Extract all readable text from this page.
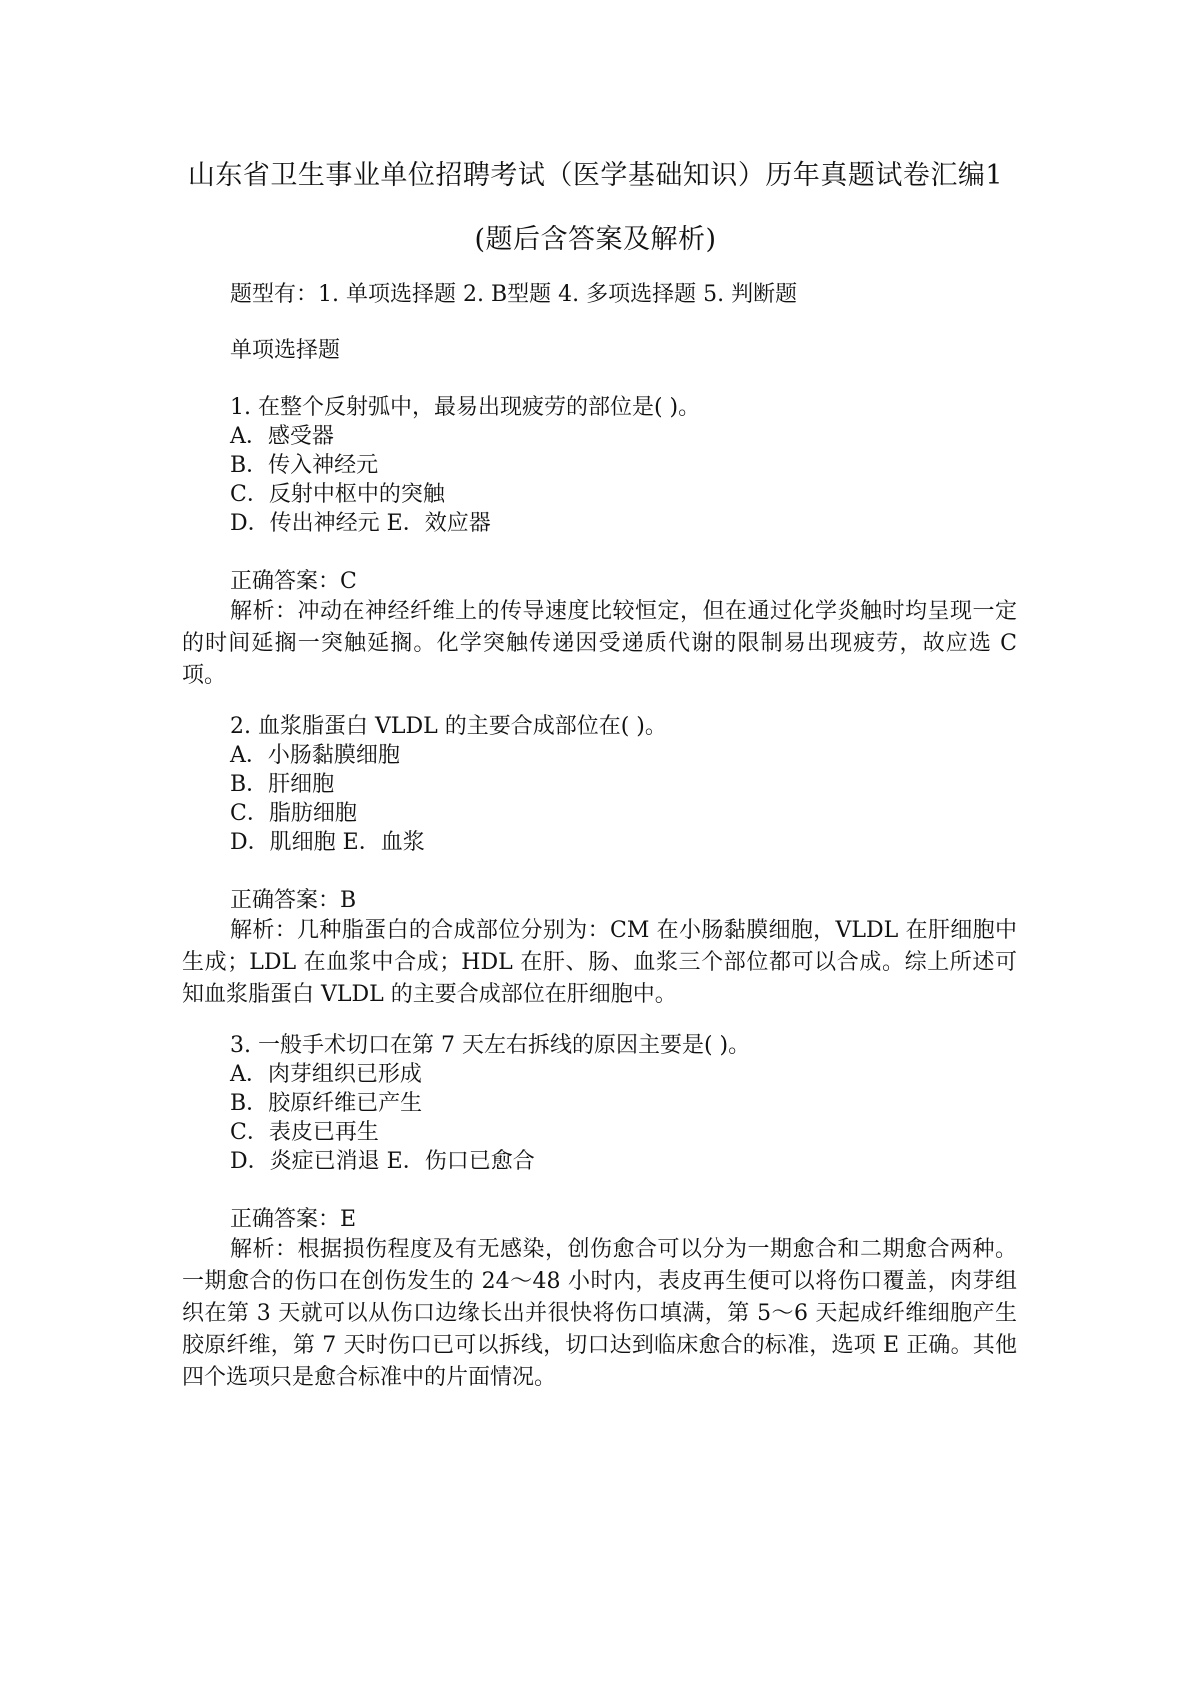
山东省卫生事业单位招聘考试（医学基础知识）历年真题试卷汇编1
(题后含答案及解析)
题型有：1. 单项选择题 2. B型题 4. 多项选择题 5. 判断题
单项选择题
1. 在整个反射弧中，最易出现疲劳的部位是( )。
A．感受器
B．传入神经元
C．反射中枢中的突触
D．传出神经元 E．效应器
正确答案：C
解析：冲动在神经纤维上的传导速度比较恒定，但在通过化学炎触时均呈现一定的时间延搁一突触延搁。化学突触传递因受递质代谢的限制易出现疲劳，故应选 C 项。
2. 血浆脂蛋白 VLDL 的主要合成部位在( )。
A．小肠黏膜细胞
B．肝细胞
C．脂肪细胞
D．肌细胞 E．血浆
正确答案：B
解析：几种脂蛋白的合成部位分别为：CM 在小肠黏膜细胞，VLDL 在肝细胞中生成；LDL 在血浆中合成；HDL 在肝、肠、血浆三个部位都可以合成。综上所述可知血浆脂蛋白 VLDL 的主要合成部位在肝细胞中。
3. 一般手术切口在第 7 天左右拆线的原因主要是( )。
A．肉芽组织已形成
B．胶原纤维已产生
C．表皮已再生
D．炎症已消退 E．伤口已愈合
正确答案：E
解析：根据损伤程度及有无感染，创伤愈合可以分为一期愈合和二期愈合两种。一期愈合的伤口在创伤发生的 24～48 小时内，表皮再生便可以将伤口覆盖，肉芽组织在第 3 天就可以从伤口边缘长出并很快将伤口填满，第 5～6 天起成纤维细胞产生胶原纤维，第 7 天时伤口已可以拆线，切口达到临床愈合的标准，选项 E 正确。其他四个选项只是愈合标准中的片面情况。
